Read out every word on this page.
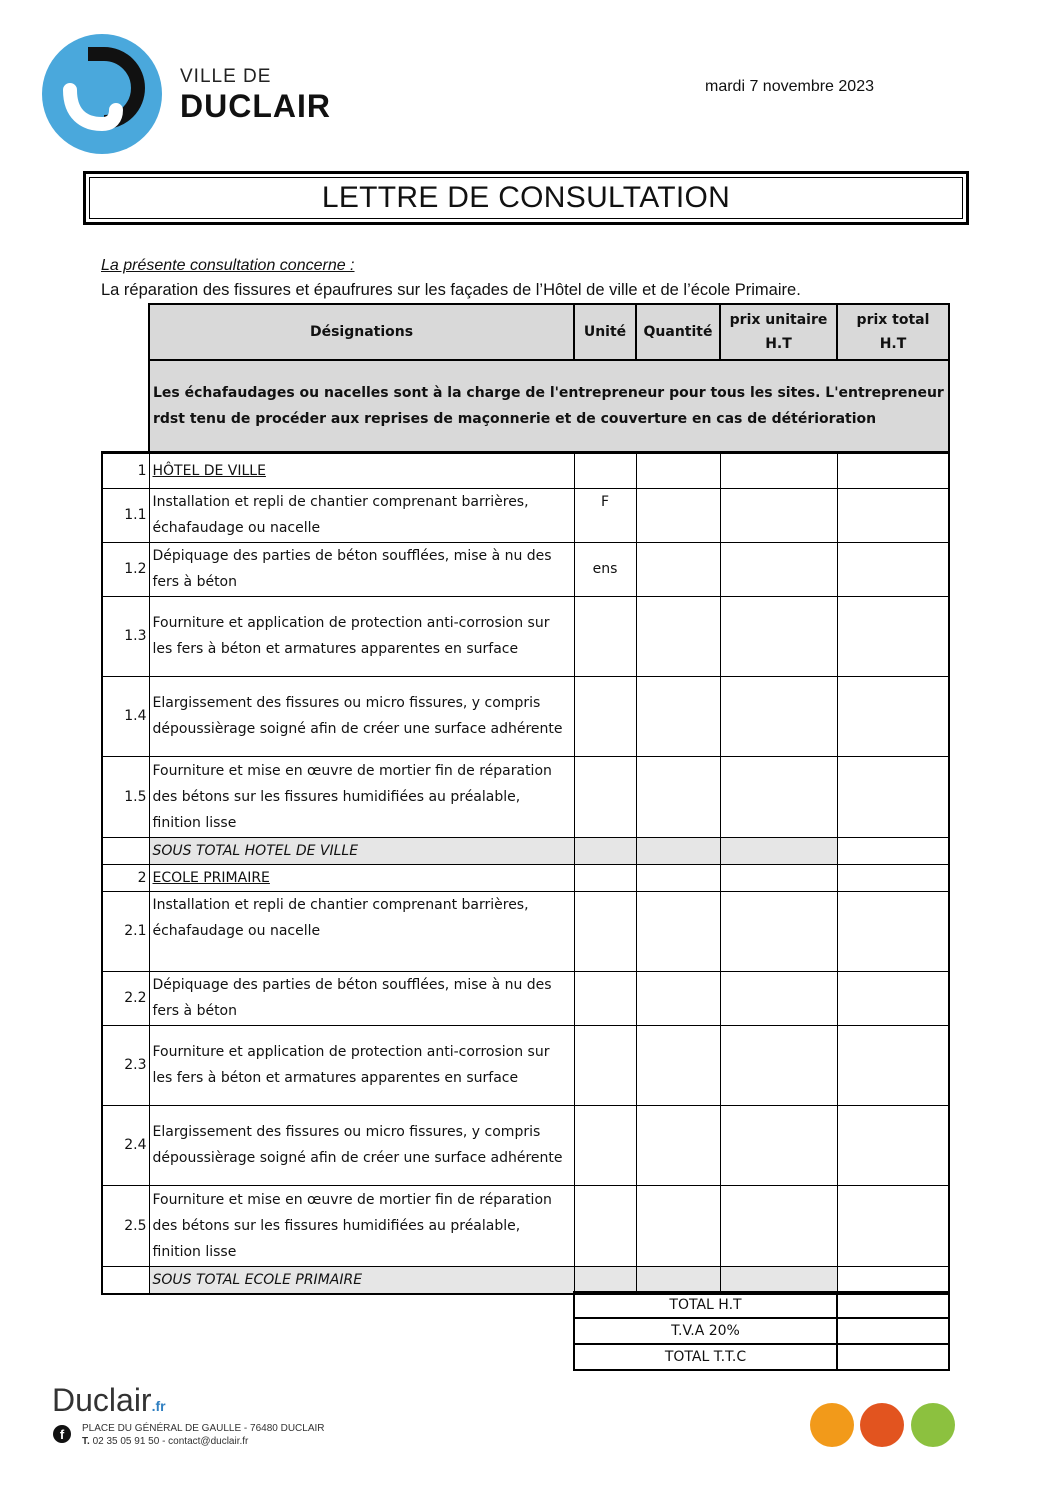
VILLE DE
DUCLAIR
mardi 7 novembre 2023
LETTRE DE CONSULTATION
La présente consultation concerne :
La réparation des fissures et épaufrures sur les façades de l’Hôtel de ville et de l’école Primaire.
	Désignations	Unité	Quantité	prix unitaire H.T	prix total H.T
	Les échafaudages ou nacelles sont à la charge de l'entrepreneur pour tous les sites. L'entrepreneur rdst tenu de procéder aux reprises de maçonnerie et de couverture en cas de détérioration				
1	HÔTEL DE VILLE				
1.1	Installation et repli de chantier comprenant barrières, échafaudage ou nacelle	F			
1.2	Dépiquage des parties de béton soufflées, mise à nu des fers à béton	ens			
1.3	Fourniture et application de protection anti-corrosion sur les fers à béton et armatures apparentes en surface				
1.4	Elargissement des fissures ou micro fissures, y compris dépoussièrage soigné afin de créer une surface adhérente				
1.5	Fourniture et mise en œuvre de mortier fin de réparation des bétons sur les fissures humidifiées au préalable, finition lisse				
	SOUS TOTAL HOTEL DE VILLE				
2	ECOLE PRIMAIRE				
2.1	Installation et repli de chantier comprenant barrières, échafaudage ou nacelle				
2.2	Dépiquage des parties de béton soufflées, mise à nu des fers à béton				
2.3	Fourniture et application de protection anti-corrosion sur les fers à béton et armatures apparentes en surface				
2.4	Elargissement des fissures ou micro fissures, y compris dépoussièrage soigné afin de créer une surface adhérente				
2.5	Fourniture et mise en œuvre de mortier fin de réparation des bétons sur les fissures humidifiées au préalable, finition lisse				
	SOUS TOTAL ECOLE PRIMAIRE				
TOTAL H.T	
T.V.A 20%	
TOTAL T.T.C	
Duclair.fr
f	PLACE DU GÉNÉRAL DE GAULLE - 76480 DUCLAIR
T. 02 35 05 91 50 - contact@duclair.fr
